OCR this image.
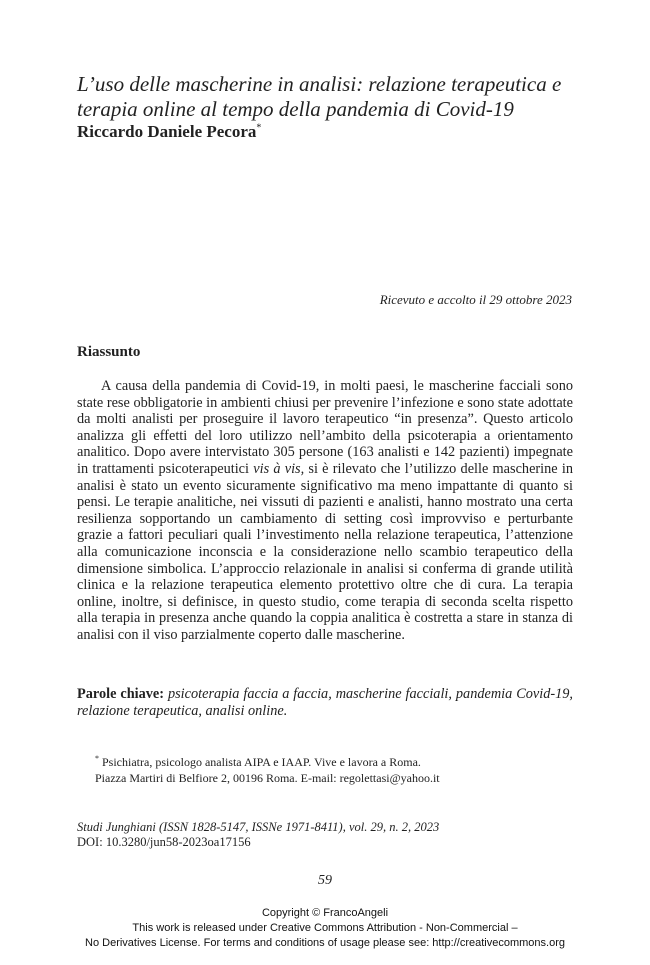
L’uso delle mascherine in analisi: relazione terapeutica e terapia online al tempo della pandemia di Covid-19
Riccardo Daniele Pecora*
Ricevuto e accolto il 29 ottobre 2023
Riassunto

A causa della pandemia di Covid-19, in molti paesi, le mascherine facciali sono state rese obbligatorie in ambienti chiusi per prevenire l’infezione e sono state adottate da molti analisti per proseguire il lavoro terapeutico “in presenza”. Questo articolo analizza gli effetti del loro utilizzo nell’ambito della psicoterapia a orientamento analitico. Dopo avere intervistato 305 persone (163 analisti e 142 pazienti) impegnate in trattamenti psicoterapeutici vis à vis, si è rilevato che l’utilizzo delle mascherine in analisi è stato un evento sicuramente significativo ma meno impattante di quanto si pensi. Le terapie analitiche, nei vissuti di pazienti e analisti, hanno mostrato una certa resilienza sopportando un cambiamento di setting così improvviso e perturbante grazie a fattori peculiari quali l’investimento nella relazione terapeutica, l’attenzione alla comunicazione inconscia e la considerazione nello scambio terapeutico della dimensione simbolica. L’approccio relazionale in analisi si conferma di grande utilità clinica e la relazione terapeutica elemento protettivo oltre che di cura. La terapia online, inoltre, si definisce, in questo studio, come terapia di seconda scelta rispetto alla terapia in presenza anche quando la coppia analitica è costretta a stare in stanza di analisi con il viso parzialmente coperto dalle mascherine.

Parole chiave: psicoterapia faccia a faccia, mascherine facciali, pandemia Covid-19, relazione terapeutica, analisi online.

* Psichiatra, psicologo analista AIPA e IAAP. Vive e lavora a Roma.
Piazza Martiri di Belfiore 2, 00196 Roma. E-mail: regolettasi@yahoo.it
Studi Junghiani (ISSN 1828-5147, ISSNe 1971-8411), vol. 29, n. 2, 2023
DOI: 10.3280/jun58-2023oa17156
59
Copyright © FrancoAngeli
This work is released under Creative Commons Attribution - Non-Commercial –
No Derivatives License. For terms and conditions of usage please see: http://creativecommons.org
